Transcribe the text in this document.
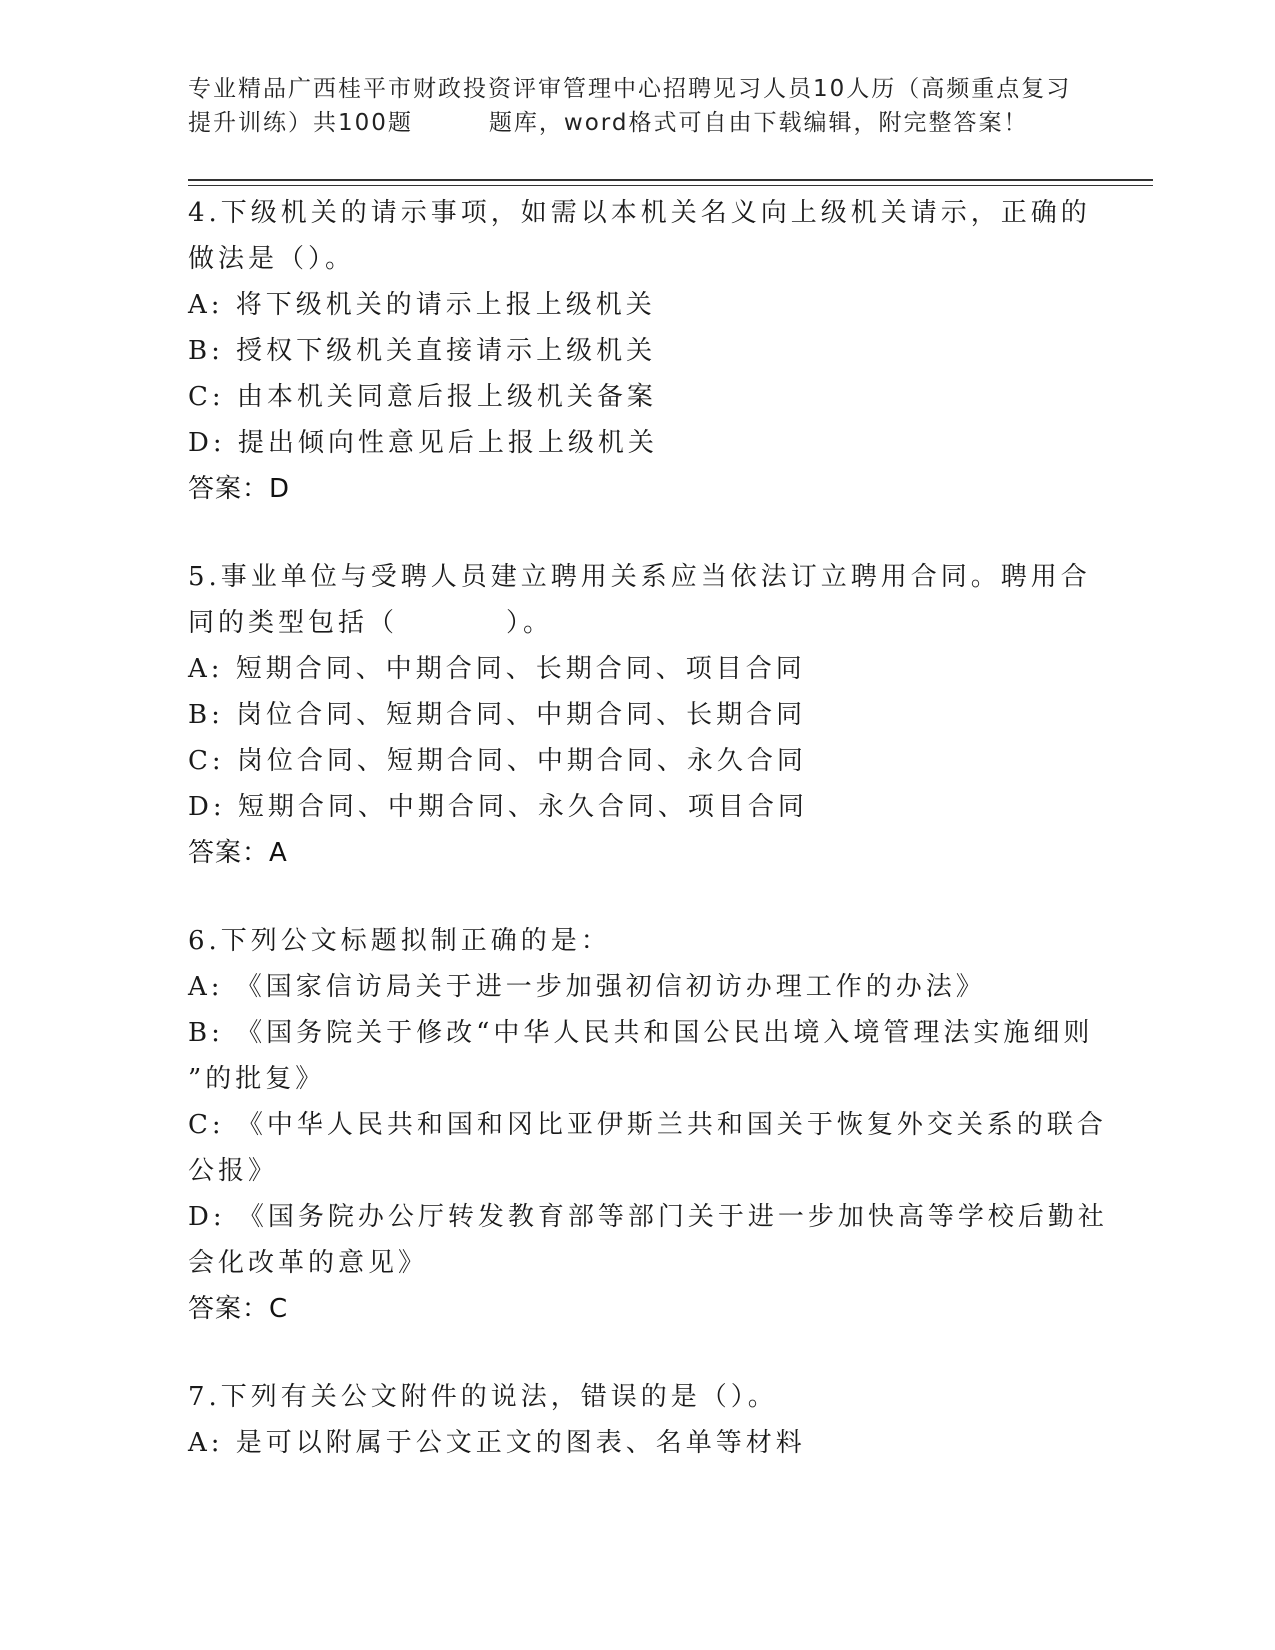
专业精品广西桂平市财政投资评审管理中心招聘见习人员10人历（高频重点复习
提升训练）共100题	题库，word格式可自由下载编辑，附完整答案！
4.下级机关的请示事项，如需以本机关名义向上级机关请示，正确的
做法是（）。
A: 将下级机关的请示上报上级机关
B: 授权下级机关直接请示上级机关
C: 由本机关同意后报上级机关备案
D: 提出倾向性意见后上报上级机关
答案：D
5.事业单位与受聘人员建立聘用关系应当依法订立聘用合同。聘用合
同的类型包括（	）。
A: 短期合同、中期合同、长期合同、项目合同
B: 岗位合同、短期合同、中期合同、长期合同
C: 岗位合同、短期合同、中期合同、永久合同
D: 短期合同、中期合同、永久合同、项目合同
答案：A
6.下列公文标题拟制正确的是：
A: 《国家信访局关于进一步加强初信初访办理工作的办法》
B: 《国务院关于修改“中华人民共和国公民出境入境管理法实施细则
”的批复》
C: 《中华人民共和国和冈比亚伊斯兰共和国关于恢复外交关系的联合
公报》
D: 《国务院办公厅转发教育部等部门关于进一步加快高等学校后勤社
会化改革的意见》
答案：C
7.下列有关公文附件的说法，错误的是（）。
A: 是可以附属于公文正文的图表、名单等材料
